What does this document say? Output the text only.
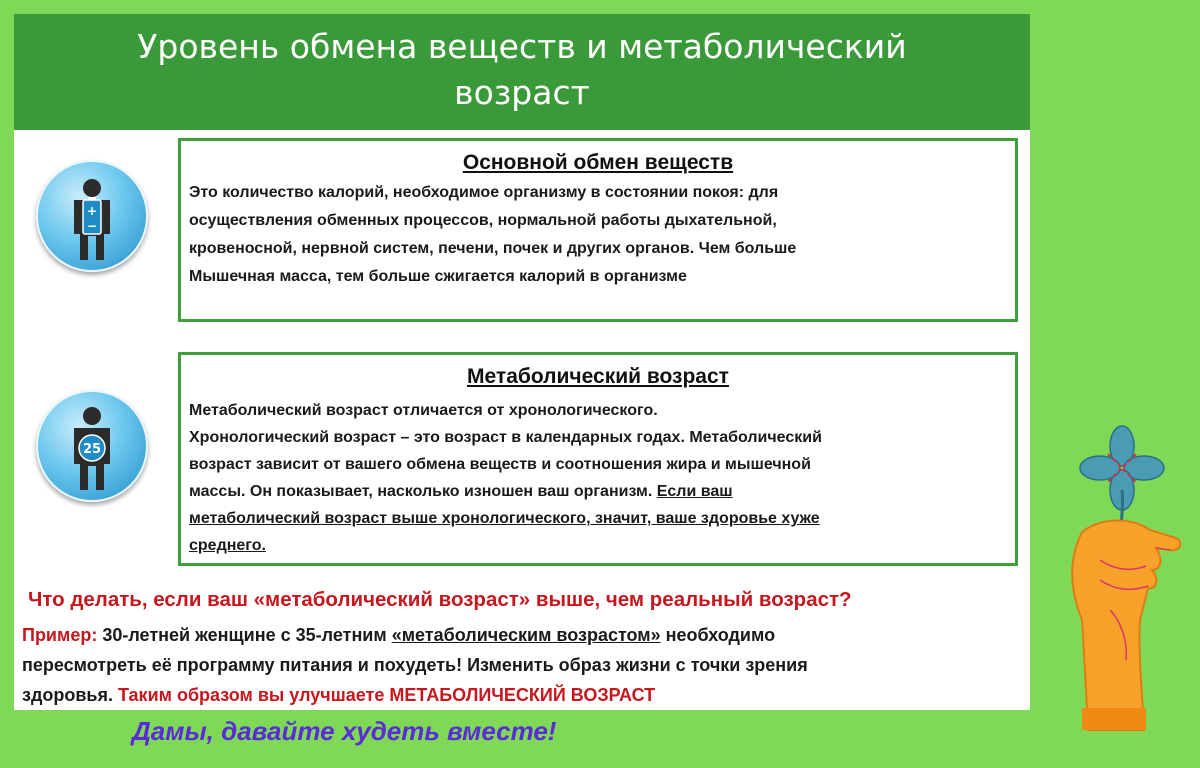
Уровень обмена веществ и метаболический
возраст
+
−
Основной обмен веществ
Это количество калорий, необходимое организму в состоянии покоя: для
осуществления обменных процессов, нормальной работы дыхательной,
кровеносной, нервной систем, печени, почек и других органов. Чем больше
Мышечная масса, тем больше сжигается калорий в организме
25
Метаболический возраст
Метаболический возраст отличается от хронологического.
Хронологический возраст – это возраст в календарных годах. Метаболический
возраст зависит от вашего обмена веществ и соотношения жира и мышечной
массы. Он показывает, насколько изношен ваш организм. Если ваш
метаболический возраст выше хронологического, значит, ваше здоровье хуже
среднего.
Что делать, если ваш «метаболический возраст» выше, чем реальный возраст?
Пример: 30-летней женщине с 35-летним «метаболическим возрастом» необходимо
пересмотреть её программу питания и похудеть! Изменить образ жизни с точки зрения
здоровья. Таким образом вы улучшаете МЕТАБОЛИЧЕСКИЙ ВОЗРАСТ
Дамы, давайте худеть вместе!
